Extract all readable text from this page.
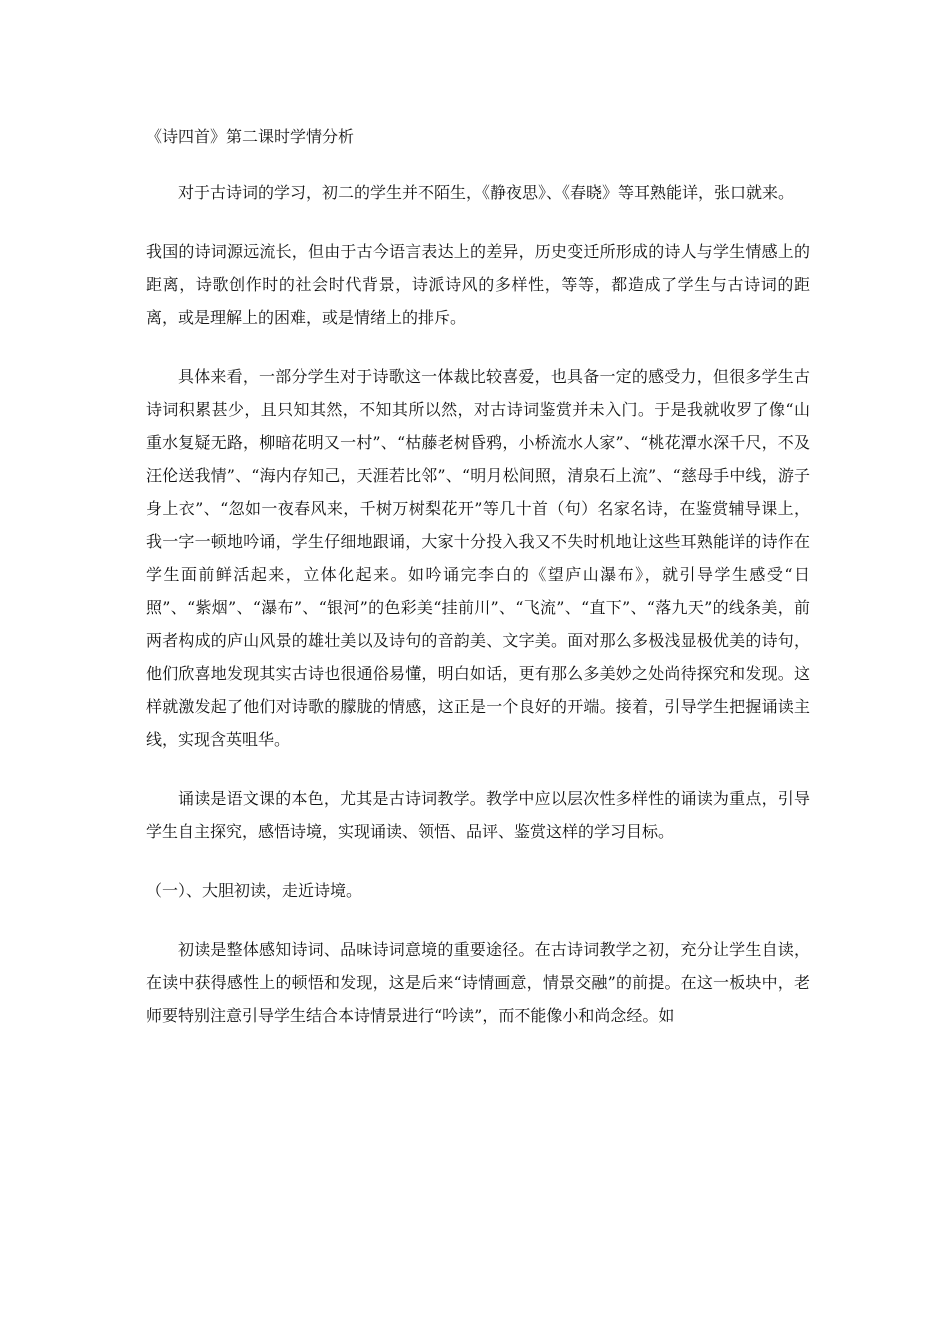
《诗四首》第二课时学情分析

对于古诗词的学习，初二的学生并不陌生，《静夜思》、《春晓》等耳熟能详，张口就来。

我国的诗词源远流长，但由于古今语言表达上的差异，历史变迁所形成的诗人与学生情感上的距离，诗歌创作时的社会时代背景，诗派诗风的多样性，等等，都造成了学生与古诗词的距离，或是理解上的困难，或是情绪上的排斥。

具体来看，一部分学生对于诗歌这一体裁比较喜爱，也具备一定的感受力，但很多学生古诗词积累甚少，且只知其然，不知其所以然，对古诗词鉴赏并未入门。于是我就收罗了像“山重水复疑无路，柳暗花明又一村”、“枯藤老树昏鸦，小桥流水人家”、“桃花潭水深千尺，不及汪伦送我情”、“海内存知己，天涯若比邻”、“明月松间照，清泉石上流”、“慈母手中线，游子身上衣”、“忽如一夜春风来，千树万树梨花开”等几十首（句）名家名诗，在鉴赏辅导课上，我一字一顿地吟诵，学生仔细地跟诵，大家十分投入我又不失时机地让这些耳熟能详的诗作在学生面前鲜活起来，立体化起来。如吟诵完李白的《望庐山瀑布》，就引导学生感受“日照”、“紫烟”、“瀑布”、“银河”的色彩美“挂前川”、“飞流”、“直下”、“落九天”的线条美，前两者构成的庐山风景的雄壮美以及诗句的音韵美、文字美。面对那么多极浅显极优美的诗句，他们欣喜地发现其实古诗也很通俗易懂，明白如话，更有那么多美妙之处尚待探究和发现。这样就激发起了他们对诗歌的朦胧的情感，这正是一个良好的开端。接着，引导学生把握诵读主线，实现含英咀华。

诵读是语文课的本色，尤其是古诗词教学。教学中应以层次性多样性的诵读为重点，引导学生自主探究，感悟诗境，实现诵读、领悟、品评、鉴赏这样的学习目标。

（一）、大胆初读，走近诗境。

初读是整体感知诗词、品味诗词意境的重要途径。在古诗词教学之初，充分让学生自读，在读中获得感性上的顿悟和发现，这是后来“诗情画意，情景交融”的前提。在这一板块中，老师要特别注意引导学生结合本诗情景进行“吟读”，而不能像小和尚念经。如
